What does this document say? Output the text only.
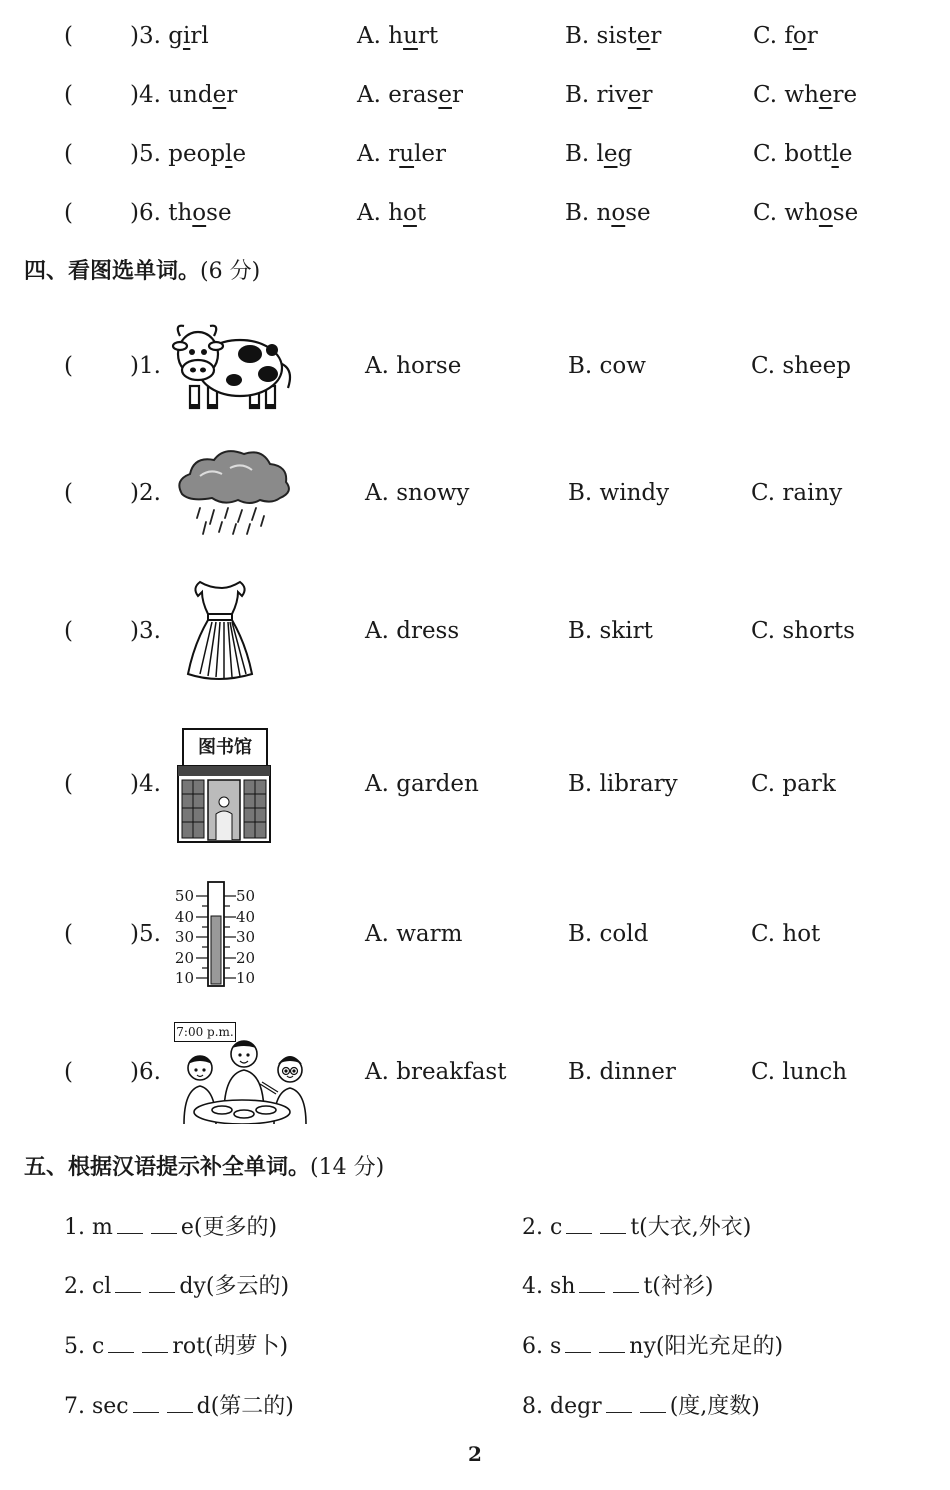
( )3. girl	A. hurt	B. sister	C. for
( )4. under	A. eraser	B. river	C. where
( )5. people	A. ruler	B. leg	C. bottle
( )6. those	A. hot	B. nose	C. whose
四、看图选单词。(6 分)
( )1.	A. horse	B. cow	C. sheep
( )2.	A. snowy	B. windy	C. rainy
( )3.	A. dress	B. skirt	C. shorts
( )4.	A. garden	B. library	C. park
图书馆
( )5.	A. warm	B. cold	C. hot
50
40
30
20
10
50
40
30
20
10
( )6.	A. breakfast	B. dinner	C. lunch
7:00 p.m.
五、根据汉语提示补全单词。(14 分)
1. m	e(更多的)	2. c	t(大衣,外衣)
2. cl	dy(多云的)	4. sh	t(衬衫)
5. c	rot(胡萝卜)	6. s	ny(阳光充足的)
7. sec	d(第二的)	8. degr	(度,度数)
2
